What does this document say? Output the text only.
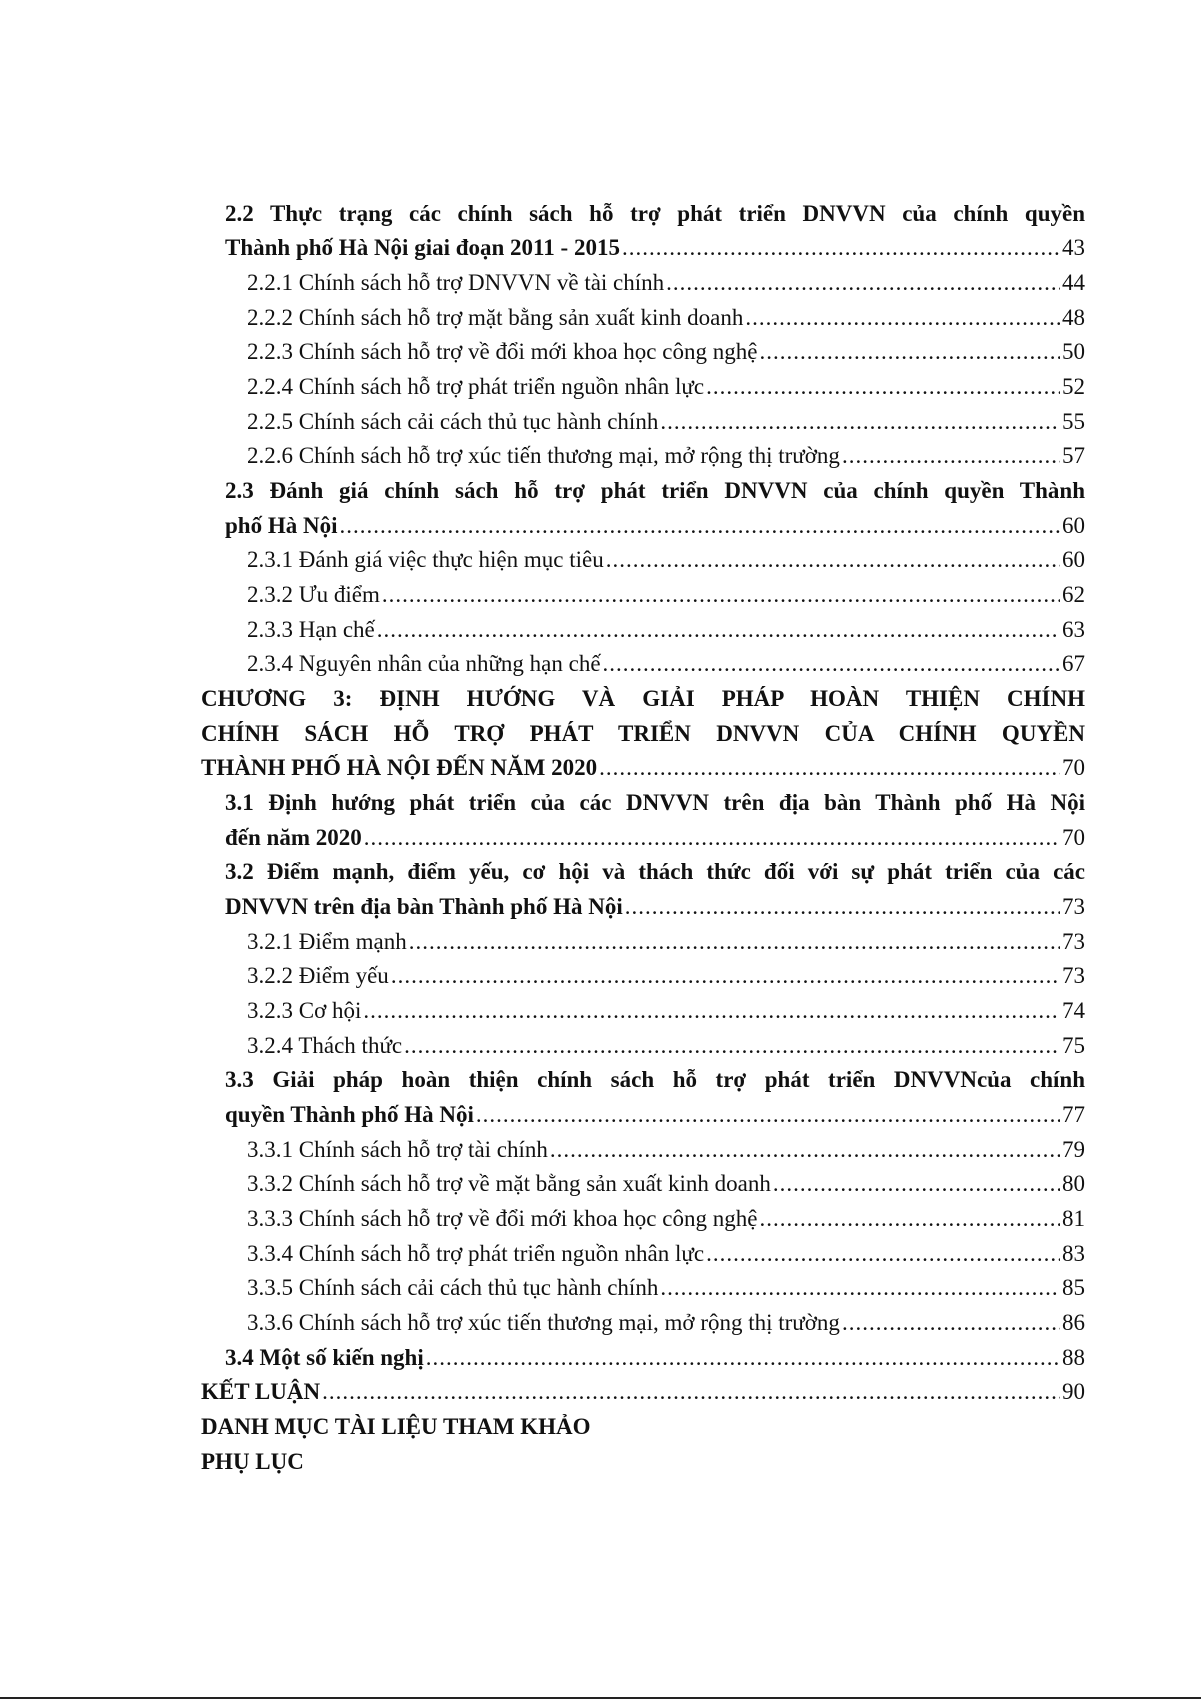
2.2 Thực trạng các chính sách hỗ trợ phát triển DNVVN của chính quyền
Thành phố Hà Nội giai đoạn 2011 - 2015 .....	43
2.2.1 Chính sách hỗ trợ DNVVN về tài chính .....	44
2.2.2 Chính sách hỗ trợ mặt bằng sản xuất kinh doanh .....	48
2.2.3 Chính sách hỗ trợ về đổi mới khoa học công nghệ .....	50
2.2.4 Chính sách hỗ trợ phát triển nguồn nhân lực .....	52
2.2.5 Chính sách cải cách thủ tục hành chính .....	55
2.2.6 Chính sách hỗ trợ xúc tiến thương mại, mở rộng thị trường .....	57
2.3 Đánh giá chính sách hỗ trợ phát triển DNVVN của chính quyền Thành
phố Hà Nội .....	60
2.3.1 Đánh giá việc thực hiện mục tiêu .....	60
2.3.2 Ưu điểm .....	62
2.3.3 Hạn chế .....	63
2.3.4 Nguyên nhân của những hạn chế .....	67
CHƯƠNG 3: ĐỊNH HƯỚNG VÀ GIẢI PHÁP HOÀN THIỆN CHÍNH
CHÍNH SÁCH HỖ TRỢ PHÁT TRIỂN DNVVN CỦA CHÍNH QUYỀN
THÀNH PHỐ HÀ NỘI ĐẾN NĂM 2020 .....	70
3.1 Định hướng phát triển của các DNVVN trên địa bàn Thành phố Hà Nội
đến năm 2020 .....	70
3.2 Điểm mạnh, điểm yếu, cơ hội và thách thức đối với sự phát triển của các
DNVVN trên địa bàn Thành phố Hà Nội .....	73
3.2.1 Điểm mạnh .....	73
3.2.2 Điểm yếu .....	73
3.2.3 Cơ hội .....	74
3.2.4 Thách thức .....	75
3.3 Giải pháp hoàn thiện chính sách hỗ trợ phát triển DNVVNcủa chính
quyền Thành phố Hà Nội .....	77
3.3.1 Chính sách hỗ trợ tài chính .....	79
3.3.2 Chính sách hỗ trợ về mặt bằng sản xuất kinh doanh .....	80
3.3.3 Chính sách hỗ trợ về đổi mới khoa học công nghệ .....	81
3.3.4 Chính sách hỗ trợ phát triển nguồn nhân lực .....	83
3.3.5 Chính sách cải cách thủ tục hành chính .....	85
3.3.6 Chính sách hỗ trợ xúc tiến thương mại, mở rộng thị trường .....	86
3.4 Một số kiến nghị .....	88
KẾT LUẬN .....	90
DANH MỤC TÀI LIỆU THAM KHẢO
PHỤ LỤC
